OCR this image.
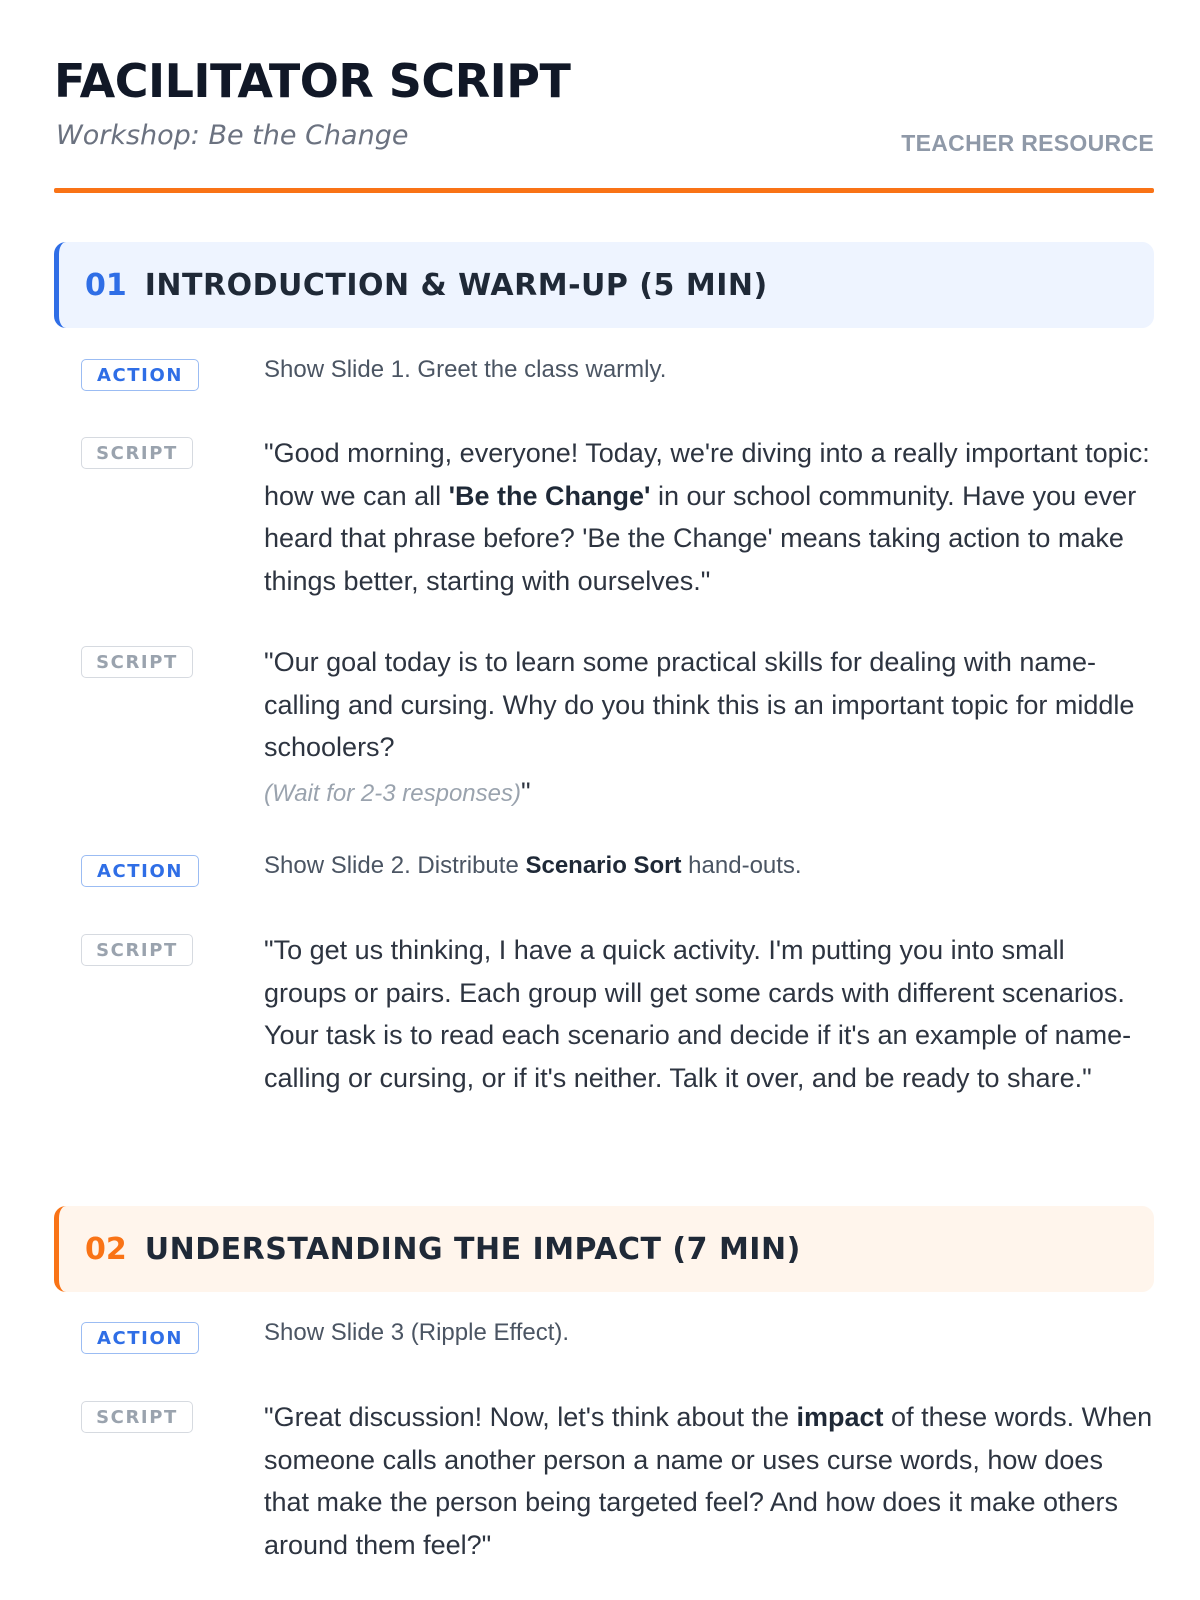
FACILITATOR SCRIPT
Workshop: Be the Change	TEACHER RESOURCE
01 INTRODUCTION & WARM-UP (5 MIN)
ACTION	Show Slide 1. Greet the class warmly.
SCRIPT	"Good morning, everyone! Today, we're diving into a really important topic: how we can all 'Be the Change' in our school community. Have you ever heard that phrase before? 'Be the Change' means taking action to make things better, starting with ourselves."
SCRIPT	"Our goal today is to learn some practical skills for dealing with name-calling and cursing. Why do you think this is an important topic for middle schoolers?
(Wait for 2-3 responses)"
ACTION	Show Slide 2. Distribute Scenario Sort hand-outs.
SCRIPT	"To get us thinking, I have a quick activity. I'm putting you into small groups or pairs. Each group will get some cards with different scenarios. Your task is to read each scenario and decide if it's an example of name-calling or cursing, or if it's neither. Talk it over, and be ready to share."
02 UNDERSTANDING THE IMPACT (7 MIN)
ACTION	Show Slide 3 (Ripple Effect).
SCRIPT	"Great discussion! Now, let's think about the impact of these words. When someone calls another person a name or uses curse words, how does that make the person being targeted feel? And how does it make others around them feel?"
